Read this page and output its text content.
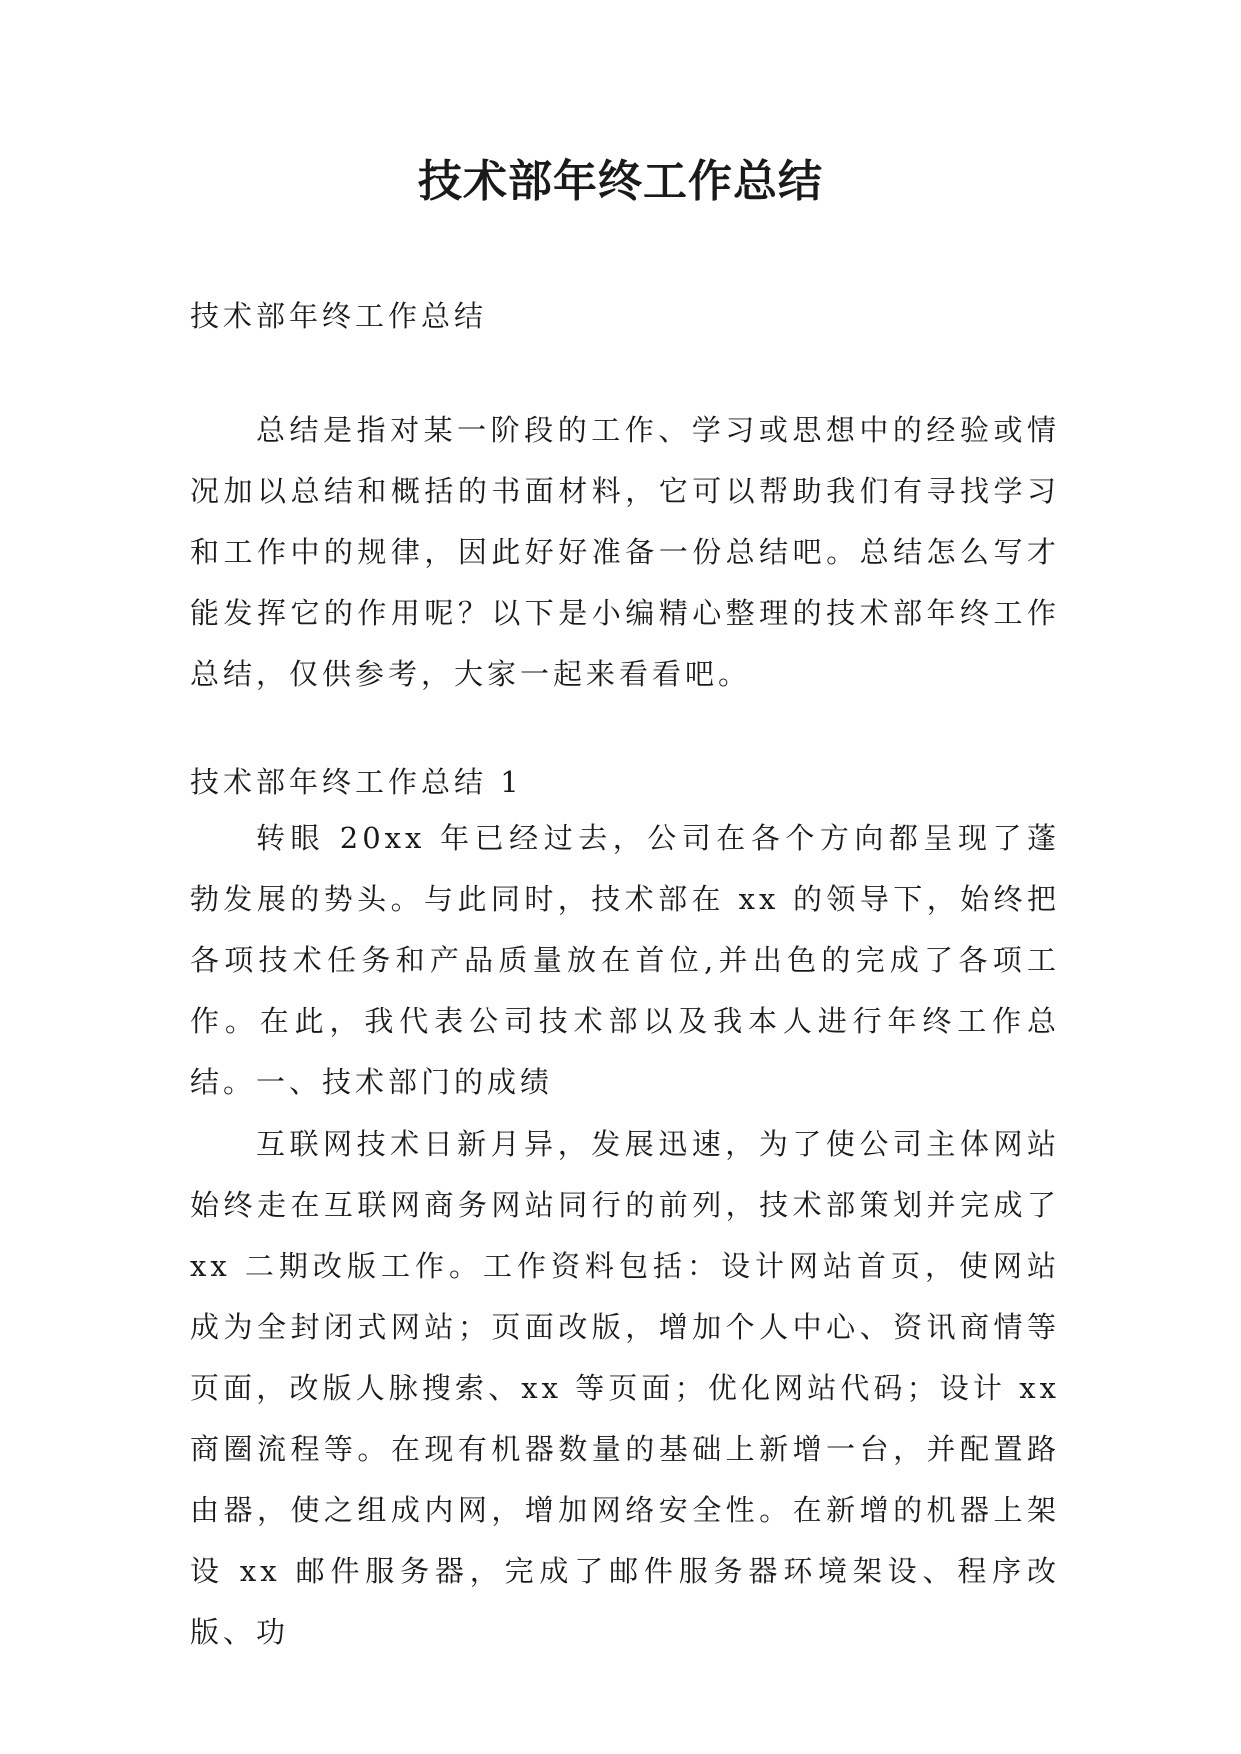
技术部年终工作总结

技术部年终工作总结

总结是指对某一阶段的工作、学习或思想中的经验或情况加以总结和概括的书面材料，它可以帮助我们有寻找学习和工作中的规律，因此好好准备一份总结吧。总结怎么写才能发挥它的作用呢？以下是小编精心整理的技术部年终工作总结，仅供参考，大家一起来看看吧。

技术部年终工作总结 1

转眼 20xx 年已经过去，公司在各个方向都呈现了蓬勃发展的势头。与此同时，技术部在 xx 的领导下，始终把各项技术任务和产品质量放在首位,并出色的完成了各项工作。在此，我代表公司技术部以及我本人进行年终工作总结。 一、技术部门的成绩

互联网技术日新月异，发展迅速，为了使公司主体网站始终走在互联网商务网站同行的前列，技术部策划并完成了 xx 二期改版工作。工作资料包括：设计网站首页，使网站成为全封闭式网站；页面改版，增加个人中心、资讯商情等页面，改版人脉搜索、xx 等页面；优化网站代码；设计 xx 商圈流程等。在现有机器数量的基础上新增一台，并配置路由器，使之组成内网，增加网络安全性。在新增的机器上架设 xx 邮件服务器，完成了邮件服务器环境架设、程序改版、功
